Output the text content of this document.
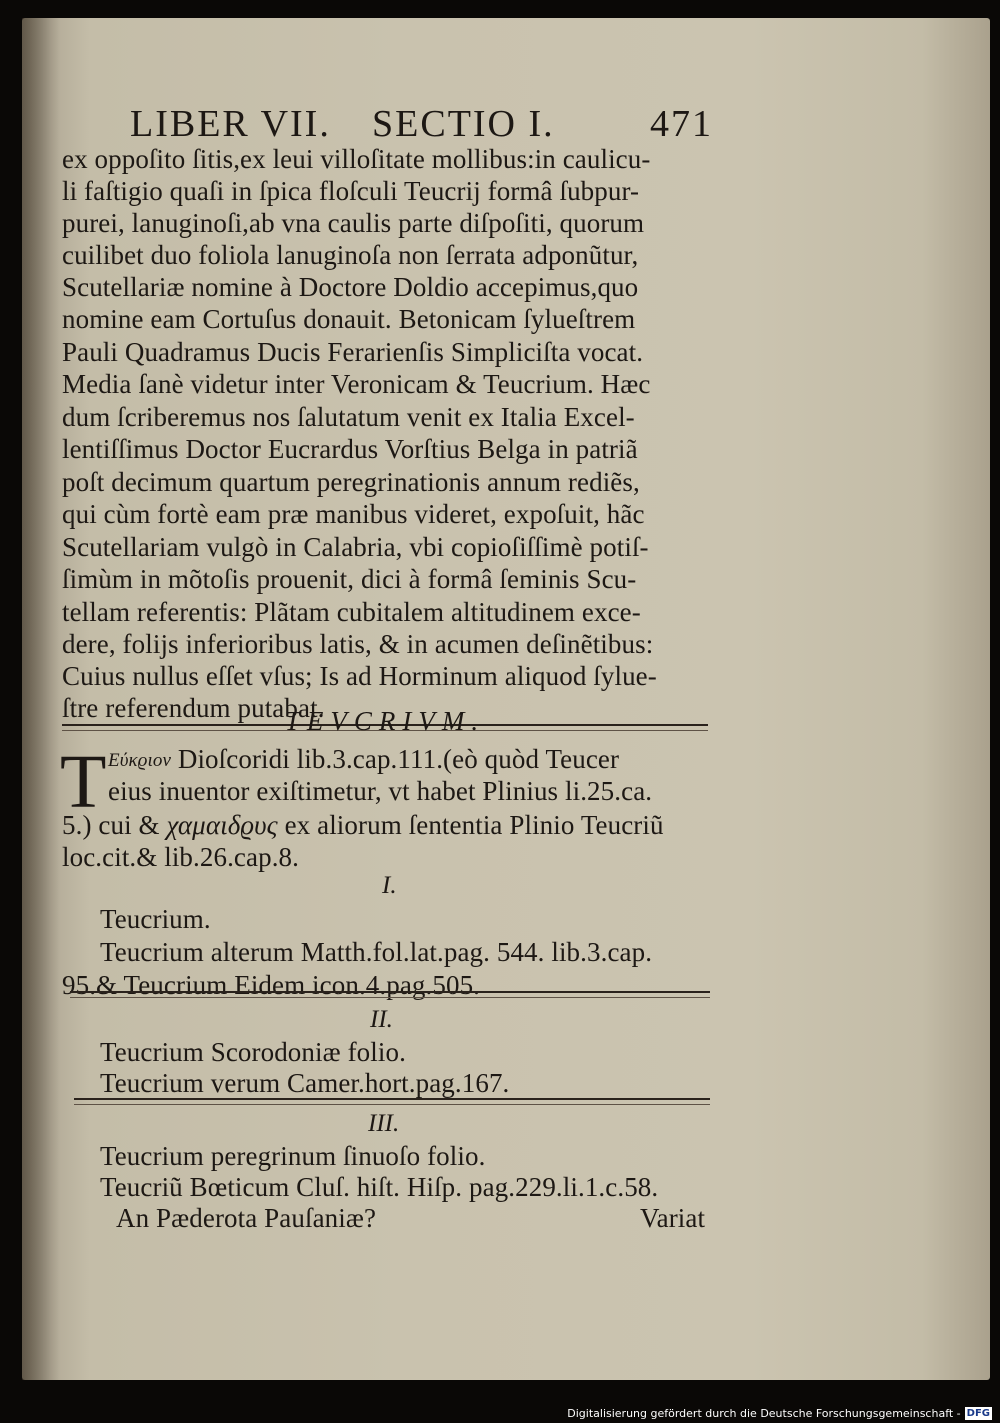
LIBER VII. SECTIO I.	471
ex oppoſito ſitis,ex leui villoſitate mollibus:in caulicu-
li faſtigio quaſi in ſpica floſculi Teucrij formâ ſubpur-
purei, lanuginoſi,ab vna caulis parte diſpoſiti, quorum
cuilibet duo foliola lanuginoſa non ſerrata adponũtur,
Scutellariæ nomine à Doctore Doldio accepimus,quo
nomine eam Cortuſus donauit. Betonicam ſylueſtrem
Pauli Quadramus Ducis Ferarienſis Simpliciſta vocat.
Media ſanè videtur inter Veronicam & Teucrium. Hæc
dum ſcriberemus nos ſalutatum venit ex Italia Excel-
lentiſſimus Doctor Eucrardus Vorſtius Belga in patriã
poſt decimum quartum peregrinationis annum rediẽs,
qui cùm fortè eam præ manibus videret, expoſuit, hãc
Scutellariam vulgò in Calabria, vbi copioſiſſimè potiſ-
ſimùm in mõtoſis prouenit, dici à formâ ſeminis Scu-
tellam referentis: Plãtam cubitalem altitudinem exce-
dere, folijs inferioribus latis, & in acumen deſinẽtibus:
Cuius nullus eſſet vſus; Is ad Horminum aliquod ſylue-
ſtre referendum putabat.
TEVCRIVM.
T Eύκϱιον Dioſcoridi lib.3.cap.111.(eò quòd Teucer
eius inuentor exiſtimetur, vt habet Plinius li.25.ca.
5.) cui & χαμαιδϱυς ex aliorum ſententia Plinio Teucriũ
loc.cit.& lib.26.cap.8.
I.
Teucrium.
Teucrium alterum Matth.fol.lat.pag. 544. lib.3.cap.
95.& Teucrium Eidem icon.4.pag.505.
II.
Teucrium Scorodoniæ folio.
Teucrium verum Camer.hort.pag.167.
III.
Teucrium peregrinum ſinuoſo folio.
Teucriũ Bœticum Cluſ. hiſt. Hiſp. pag.229.li.1.c.58.
An Pæderota Pauſaniæ?	Variat
Digitalisierung gefördert durch die Deutsche Forschungsgemeinschaft - DFG
